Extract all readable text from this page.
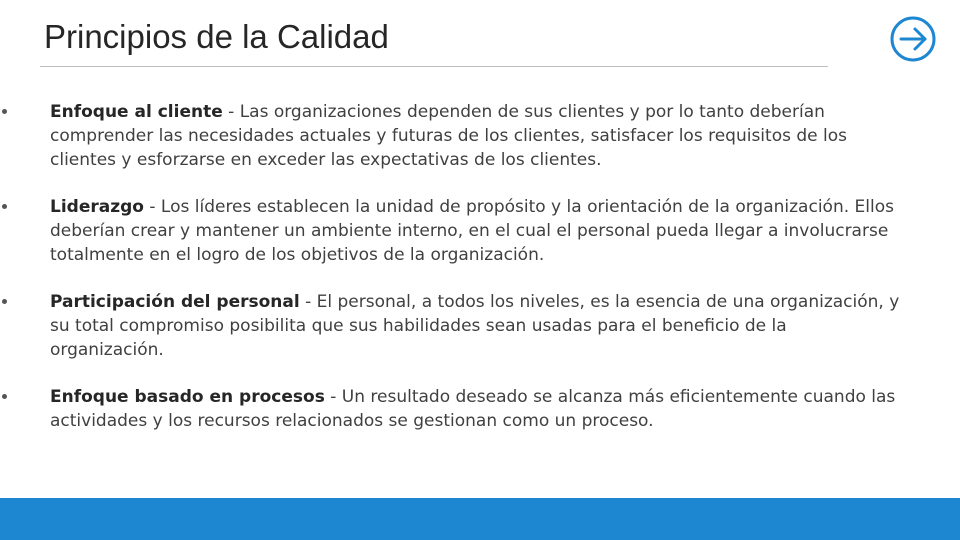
Principios de la Calidad
Enfoque al cliente - Las organizaciones dependen de sus clientes y por lo tanto deberían comprender las necesidades actuales y futuras de los clientes, satisfacer los requisitos de los clientes y esforzarse en exceder las expectativas de los clientes.
Liderazgo - Los líderes establecen la unidad de propósito y la orientación de la organización. Ellos deberían crear y mantener un ambiente interno, en el cual el personal pueda llegar a involucrarse totalmente en el logro de los objetivos de la organización.
Participación del personal - El personal, a todos los niveles, es la esencia de una organización, y su total compromiso posibilita que sus habilidades sean usadas para el beneficio de la organización.
Enfoque basado en procesos - Un resultado deseado se alcanza más eficientemente cuando las actividades y los recursos relacionados se gestionan como un proceso.
